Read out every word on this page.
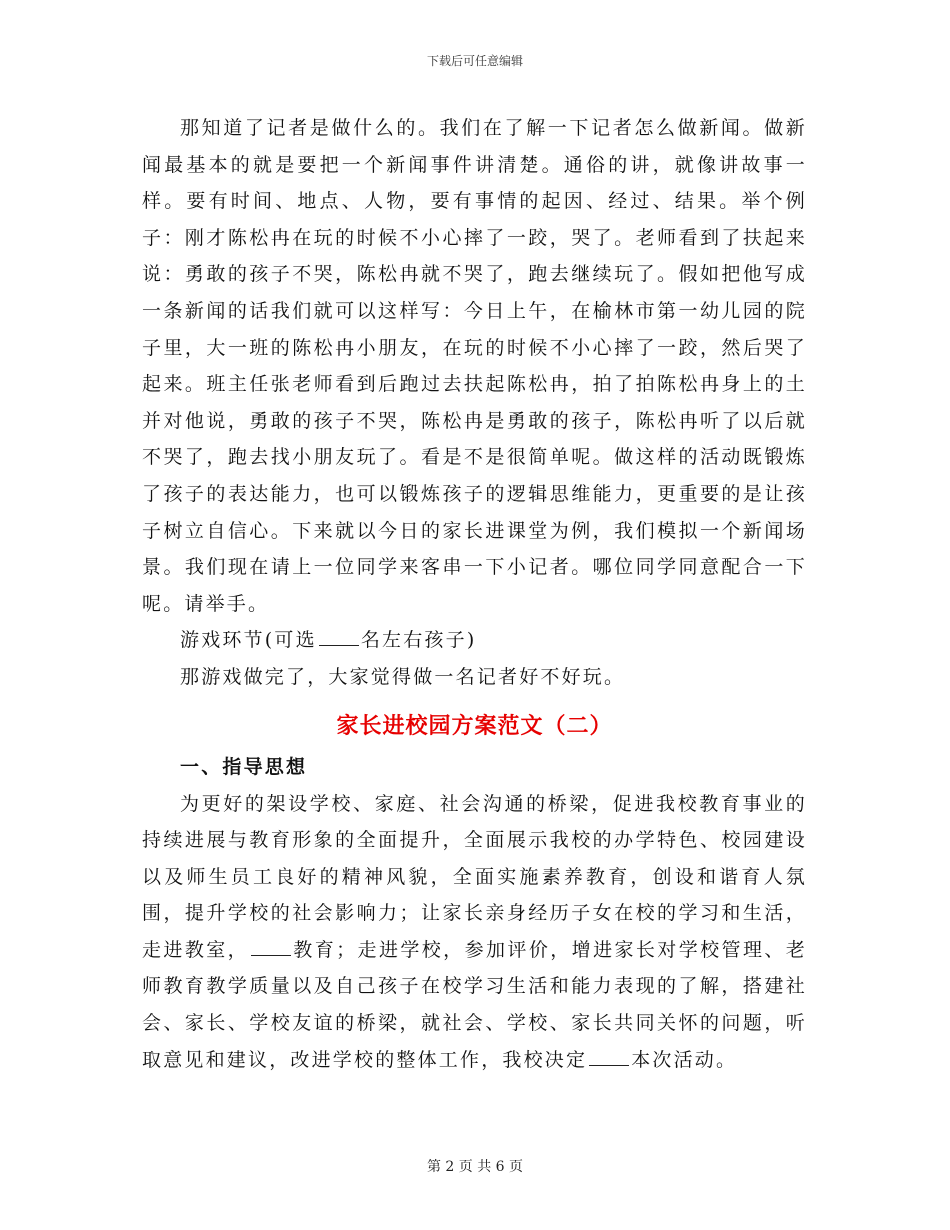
下载后可任意编辑

那知道了记者是做什么的。我们在了解一下记者怎么做新闻。做新闻最基本的就是要把一个新闻事件讲清楚。通俗的讲，就像讲故事一样。要有时间、地点、人物，要有事情的起因、经过、结果。举个例子：刚才陈松冉在玩的时候不小心摔了一跤，哭了。老师看到了扶起来说：勇敢的孩子不哭，陈松冉就不哭了，跑去继续玩了。假如把他写成一条新闻的话我们就可以这样写：今日上午，在榆林市第一幼儿园的院子里，大一班的陈松冉小朋友，在玩的时候不小心摔了一跤，然后哭了起来。班主任张老师看到后跑过去扶起陈松冉，拍了拍陈松冉身上的土并对他说，勇敢的孩子不哭，陈松冉是勇敢的孩子，陈松冉听了以后就不哭了，跑去找小朋友玩了。看是不是很简单呢。做这样的活动既锻炼了孩子的表达能力，也可以锻炼孩子的逻辑思维能力，更重要的是让孩子树立自信心。下来就以今日的家长进课堂为例，我们模拟一个新闻场景。我们现在请上一位同学来客串一下小记者。哪位同学同意配合一下呢。请举手。

游戏环节(可选 名左右孩子)

那游戏做完了，大家觉得做一名记者好不好玩。

家长进校园方案范文（二）

一、指导思想

为更好的架设学校、家庭、社会沟通的桥梁，促进我校教育事业的持续进展与教育形象的全面提升，全面展示我校的办学特色、校园建设以及师生员工良好的精神风貌，全面实施素养教育，创设和谐育人氛围，提升学校的社会影响力；让家长亲身经历子女在校的学习和生活，走进教室， 教育；走进学校，参加评价，增进家长对学校管理、老师教育教学质量以及自己孩子在校学习生活和能力表现的了解，搭建社会、家长、学校友谊的桥梁，就社会、学校、家长共同关怀的问题，听取意见和建议，改进学校的整体工作，我校决定 本次活动。

第 2 页 共 6 页
